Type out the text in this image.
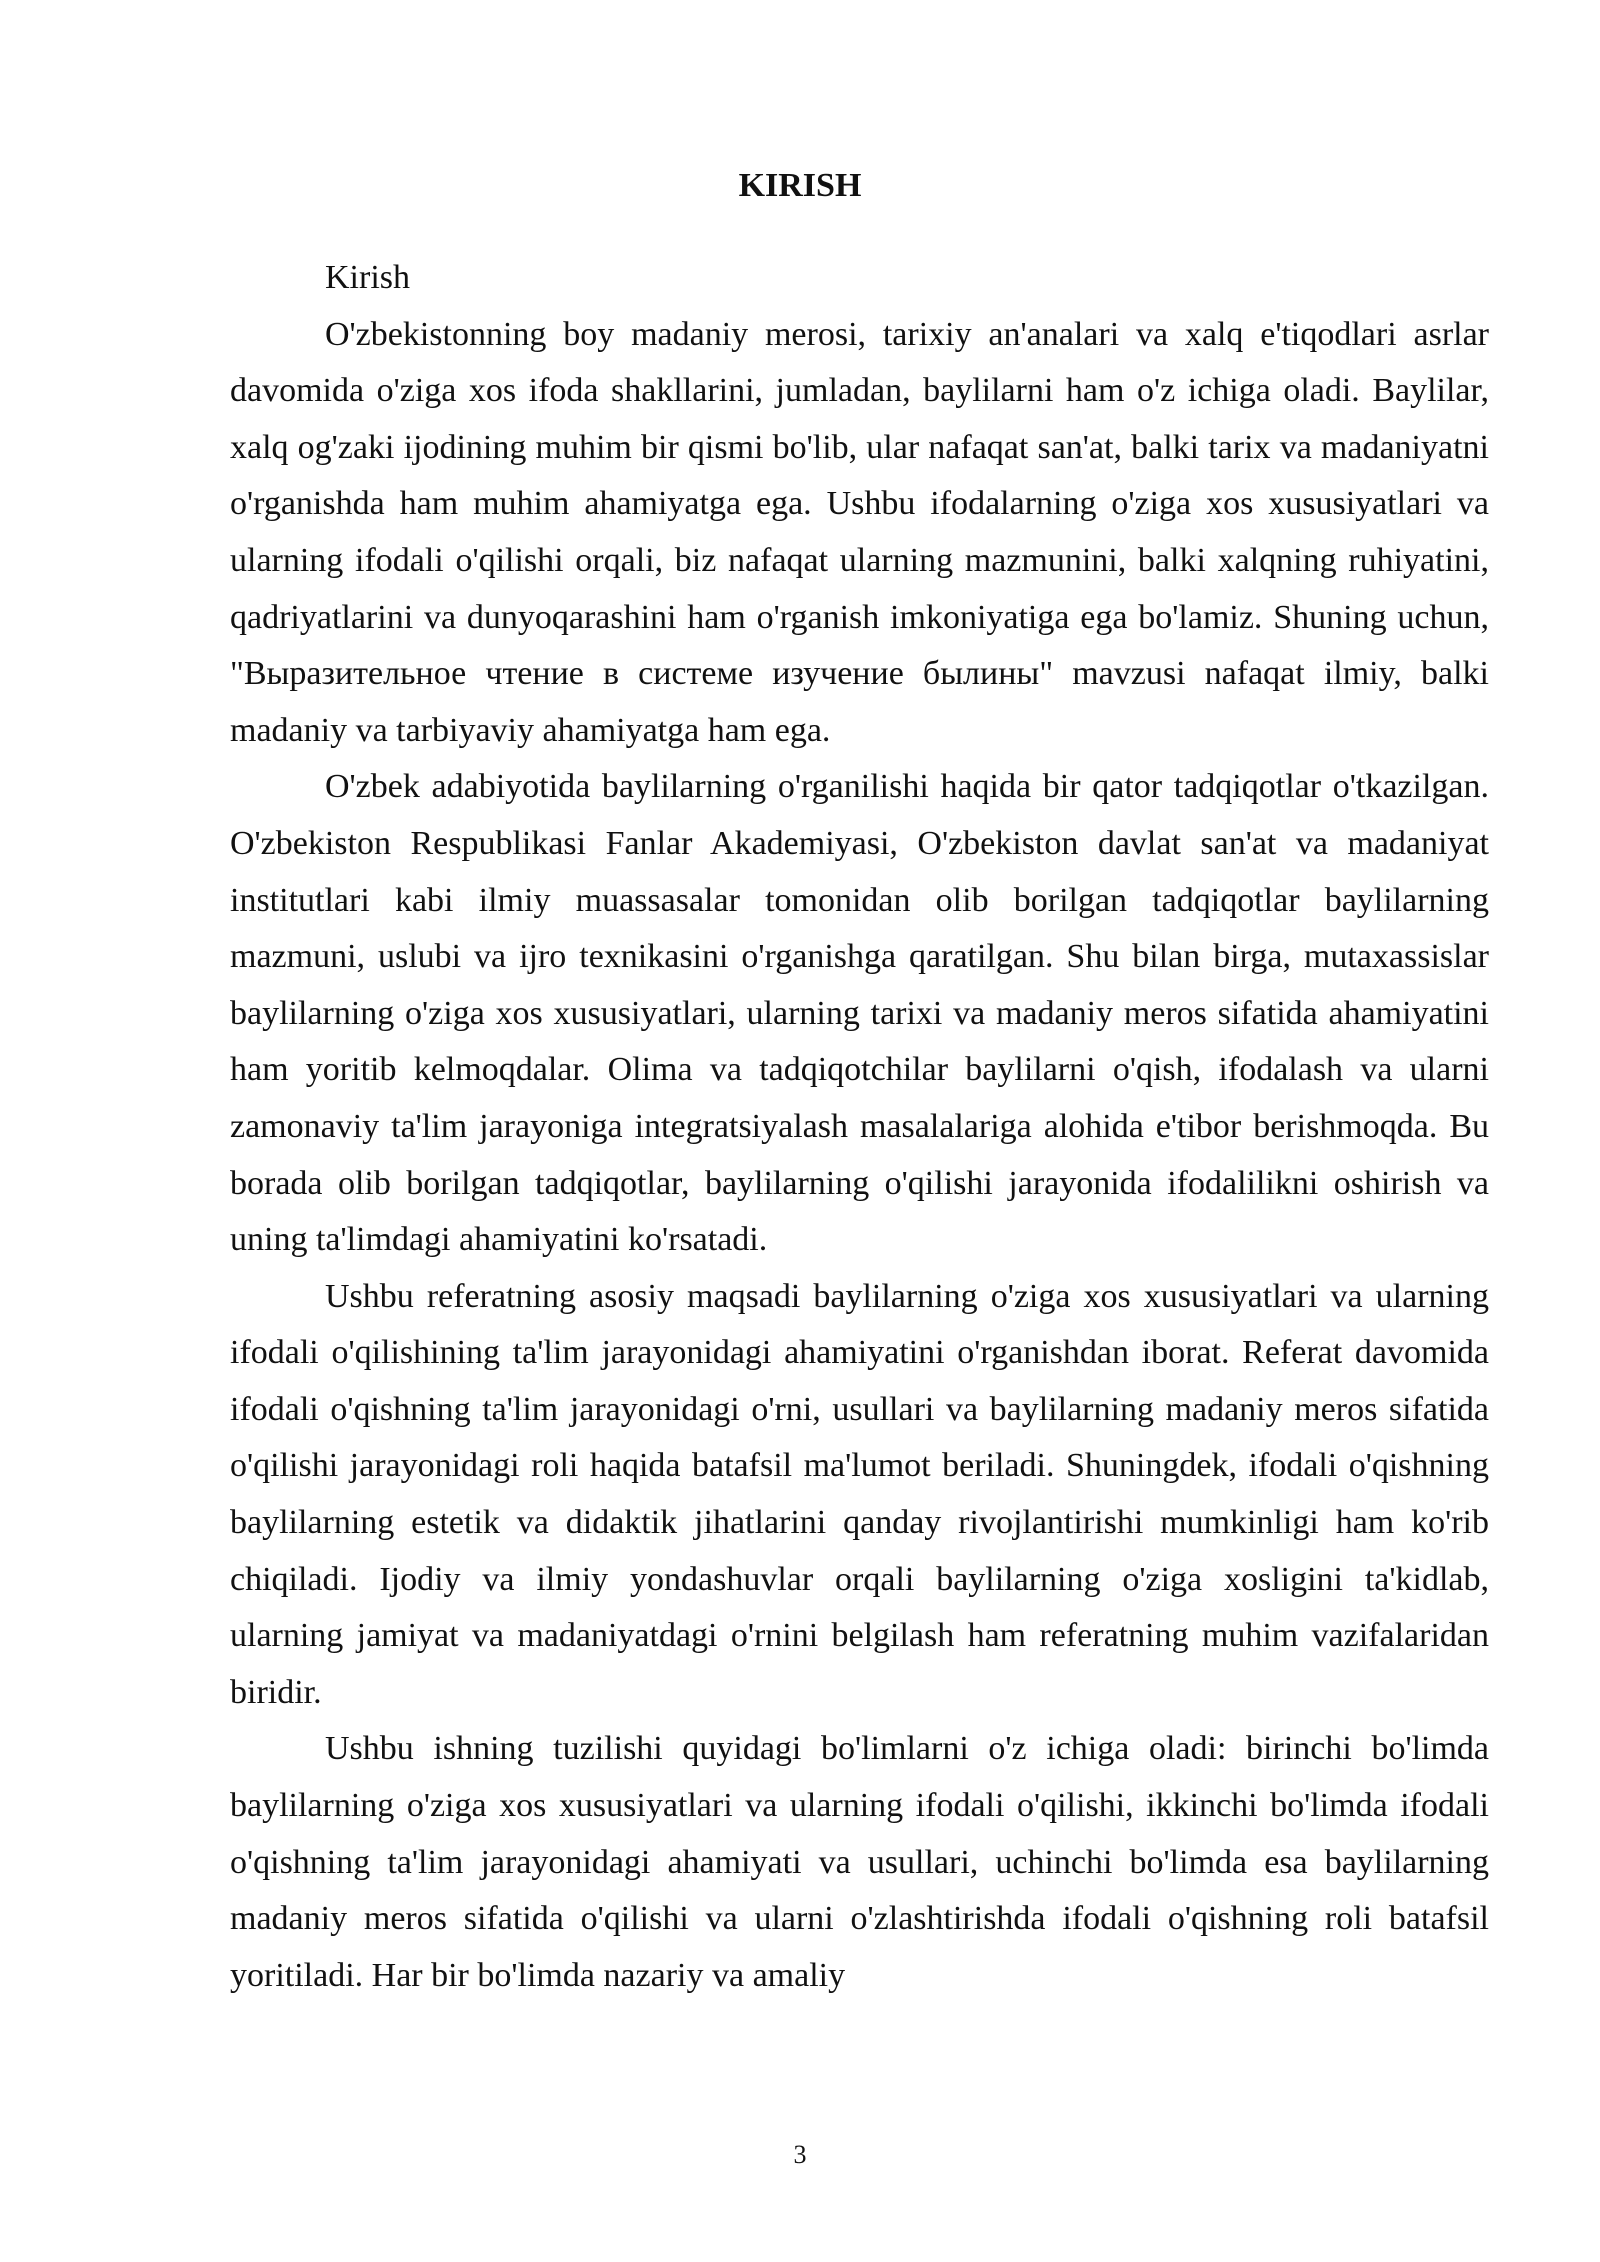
KIRISH

Kirish

O'zbekistonning boy madaniy merosi, tarixiy an'analari va xalq e'tiqodlari asrlar davomida o'ziga xos ifoda shakllarini, jumladan, baylilarni ham o'z ichiga oladi. Baylilar, xalq og'zaki ijodining muhim bir qismi bo'lib, ular nafaqat san'at, balki tarix va madaniyatni o'rganishda ham muhim ahamiyatga ega. Ushbu ifodalarning o'ziga xos xususiyatlari va ularning ifodali o'qilishi orqali, biz nafaqat ularning mazmunini, balki xalqning ruhiyatini, qadriyatlarini va dunyoqarashini ham o'rganish imkoniyatiga ega bo'lamiz. Shuning uchun, "Выразительное чтение в системе изучение былины" mavzusi nafaqat ilmiy, balki madaniy va tarbiyaviy ahamiyatga ham ega.

O'zbek adabiyotida baylilarning o'rganilishi haqida bir qator tadqiqotlar o'tkazilgan. O'zbekiston Respublikasi Fanlar Akademiyasi, O'zbekiston davlat san'at va madaniyat institutlari kabi ilmiy muassasalar tomonidan olib borilgan tadqiqotlar baylilarning mazmuni, uslubi va ijro texnikasini o'rganishga qaratilgan. Shu bilan birga, mutaxassislar baylilarning o'ziga xos xususiyatlari, ularning tarixi va madaniy meros sifatida ahamiyatini ham yoritib kelmoqdalar. Olima va tadqiqotchilar baylilarni o'qish, ifodalash va ularni zamonaviy ta'lim jarayoniga integratsiyalash masalalariga alohida e'tibor berishmoqda. Bu borada olib borilgan tadqiqotlar, baylilarning o'qilishi jarayonida ifodalilikni oshirish va uning ta'limdagi ahamiyatini ko'rsatadi.

Ushbu referatning asosiy maqsadi baylilarning o'ziga xos xususiyatlari va ularning ifodali o'qilishining ta'lim jarayonidagi ahamiyatini o'rganishdan iborat. Referat davomida ifodali o'qishning ta'lim jarayonidagi o'rni, usullari va baylilarning madaniy meros sifatida o'qilishi jarayonidagi roli haqida batafsil ma'lumot beriladi. Shuningdek, ifodali o'qishning baylilarning estetik va didaktik jihatlarini qanday rivojlantirishi mumkinligi ham ko'rib chiqiladi. Ijodiy va ilmiy yondashuvlar orqali baylilarning o'ziga xosligini ta'kidlab, ularning jamiyat va madaniyatdagi o'rnini belgilash ham referatning muhim vazifalaridan biridir.

Ushbu ishning tuzilishi quyidagi bo'limlarni o'z ichiga oladi: birinchi bo'limda baylilarning o'ziga xos xususiyatlari va ularning ifodali o'qilishi, ikkinchi bo'limda ifodali o'qishning ta'lim jarayonidagi ahamiyati va usullari, uchinchi bo'limda esa baylilarning madaniy meros sifatida o'qilishi va ularni o'zlashtirishda ifodali o'qishning roli batafsil yoritiladi. Har bir bo'limda nazariy va amaliy

3
